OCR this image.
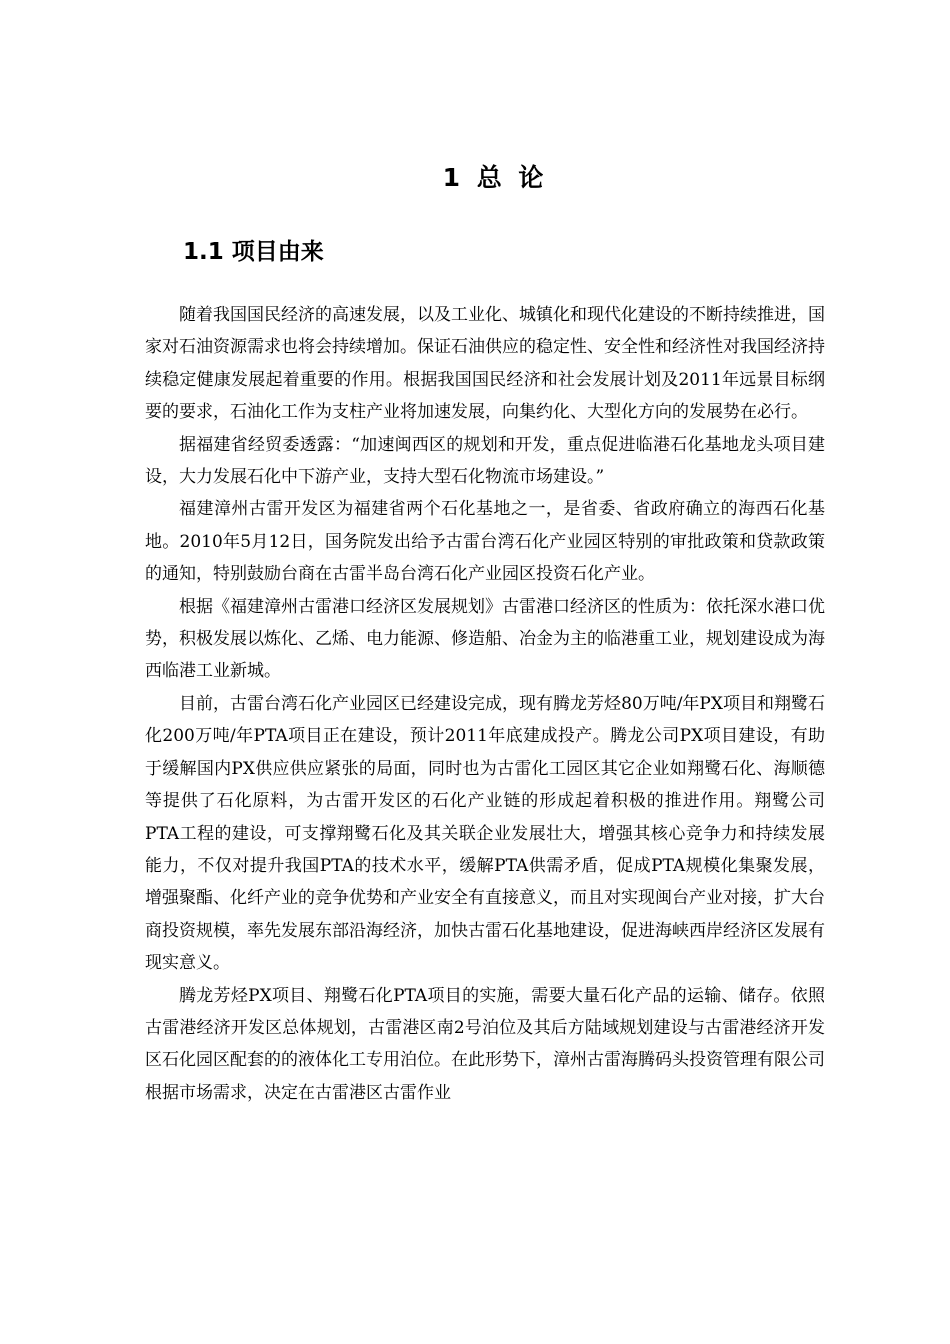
1 总 论
1.1 项目由来

随着我国国民经济的高速发展，以及工业化、城镇化和现代化建设的不断持续推进，国家对石油资源需求也将会持续增加。保证石油供应的稳定性、安全性和经济性对我国经济持续稳定健康发展起着重要的作用。根据我国国民经济和社会发展计划及2011年远景目标纲要的要求，石油化工作为支柱产业将加速发展，向集约化、大型化方向的发展势在必行。

据福建省经贸委透露：“加速闽西区的规划和开发，重点促进临港石化基地龙头项目建设，大力发展石化中下游产业，支持大型石化物流市场建设。”

福建漳州古雷开发区为福建省两个石化基地之一，是省委、省政府确立的海西石化基地。2010年5月12日，国务院发出给予古雷台湾石化产业园区特别的审批政策和贷款政策的通知，特别鼓励台商在古雷半岛台湾石化产业园区投资石化产业。

根据《福建漳州古雷港口经济区发展规划》古雷港口经济区的性质为：依托深水港口优势，积极发展以炼化、乙烯、电力能源、修造船、冶金为主的临港重工业，规划建设成为海西临港工业新城。

目前，古雷台湾石化产业园区已经建设完成，现有腾龙芳烃80万吨/年PX项目和翔鹭石化200万吨/年PTA项目正在建设，预计2011年底建成投产。腾龙公司PX项目建设，有助于缓解国内PX供应供应紧张的局面，同时也为古雷化工园区其它企业如翔鹭石化、海顺德等提供了石化原料，为古雷开发区的石化产业链的形成起着积极的推进作用。翔鹭公司PTA工程的建设，可支撑翔鹭石化及其关联企业发展壮大，增强其核心竞争力和持续发展能力，不仅对提升我国PTA的技术水平，缓解PTA供需矛盾，促成PTA规模化集聚发展，增强聚酯、化纤产业的竞争优势和产业安全有直接意义，而且对实现闽台产业对接，扩大台商投资规模，率先发展东部沿海经济，加快古雷石化基地建设，促进海峡西岸经济区发展有现实意义。

腾龙芳烃PX项目、翔鹭石化PTA项目的实施，需要大量石化产品的运输、储存。依照古雷港经济开发区总体规划，古雷港区南2号泊位及其后方陆域规划建设与古雷港经济开发区石化园区配套的的液体化工专用泊位。在此形势下，漳州古雷海腾码头投资管理有限公司根据市场需求，决定在古雷港区古雷作业
